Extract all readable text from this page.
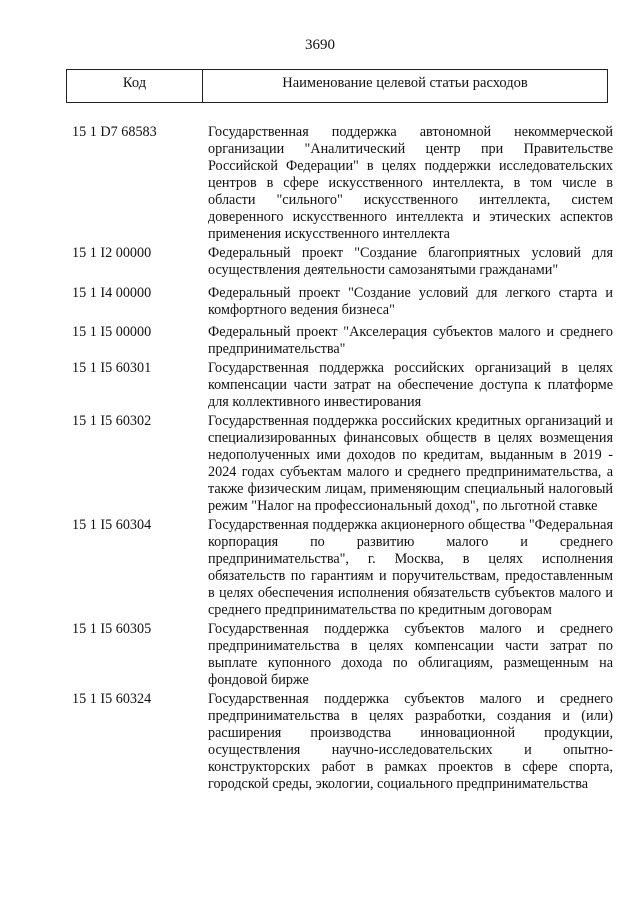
3690
Код	Наименование целевой статьи расходов
15 1 D7 68583	Государственная поддержка автономной некоммерческой организации "Аналитический центр при Правительстве Российской Федерации" в целях поддержки исследовательских центров в сфере искусственного интеллекта, в том числе в области "сильного" искусственного интеллекта, систем доверенного искусственного интеллекта и этических аспектов применения искусственного интеллекта
15 1 I2 00000	Федеральный проект "Создание благоприятных условий для осуществления деятельности самозанятыми гражданами"
15 1 I4 00000	Федеральный проект "Создание условий для легкого старта и комфортного ведения бизнеса"
15 1 I5 00000	Федеральный проект "Акселерация субъектов малого и среднего предпринимательства"
15 1 I5 60301	Государственная поддержка российских организаций в целях компенсации части затрат на обеспечение доступа к платформе для коллективного инвестирования
15 1 I5 60302	Государственная поддержка российских кредитных организаций и специализированных финансовых обществ в целях возмещения недополученных ими доходов по кредитам, выданным в 2019 - 2024 годах субъектам малого и среднего предпринимательства, а также физическим лицам, применяющим специальный налоговый режим "Налог на профессиональный доход", по льготной ставке
15 1 I5 60304	Государственная поддержка акционерного общества "Федеральная корпорация по развитию малого и среднего предпринимательства", г. Москва, в целях исполнения обязательств по гарантиям и поручительствам, предоставленным в целях обеспечения исполнения обязательств субъектов малого и среднего предпринимательства по кредитным договорам
15 1 I5 60305	Государственная поддержка субъектов малого и среднего предпринимательства в целях компенсации части затрат по выплате купонного дохода по облигациям, размещенным на фондовой бирже
15 1 I5 60324	Государственная поддержка субъектов малого и среднего предпринимательства в целях разработки, создания и (или) расширения производства инновационной продукции, осуществления научно-исследовательских и опытно-конструкторских работ в рамках проектов в сфере спорта, городской среды, экологии, социального предпринимательства
